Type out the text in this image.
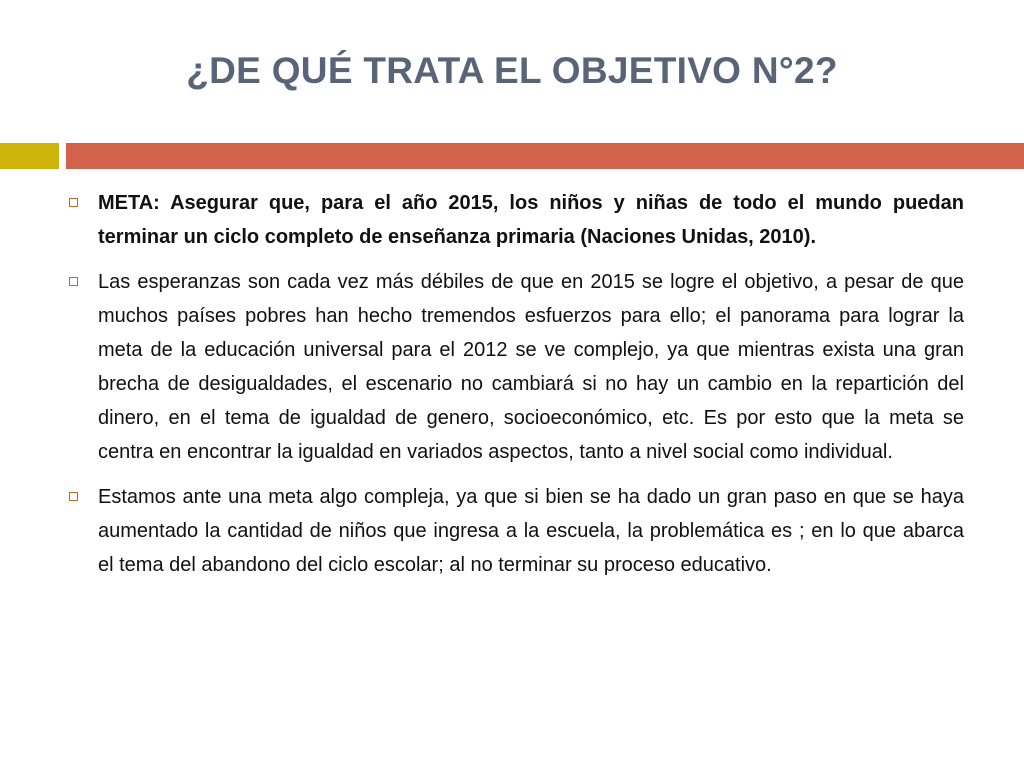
¿DE QUÉ TRATA EL OBJETIVO N°2?
META: Asegurar que, para el año 2015, los niños y niñas de todo el mundo puedan terminar un ciclo completo de enseñanza primaria (Naciones Unidas, 2010).
Las esperanzas son cada vez más débiles de que en 2015 se logre el objetivo, a pesar de que muchos países pobres han hecho tremendos esfuerzos para ello; el panorama para lograr la meta de la educación universal para el 2012 se ve complejo, ya que mientras exista una gran brecha de desigualdades, el escenario no cambiará si no hay un cambio en la repartición del dinero, en el tema de igualdad de genero, socioeconómico, etc. Es por esto que la meta se centra en encontrar la igualdad en variados aspectos, tanto a nivel social como individual.
Estamos ante una meta algo compleja, ya que si bien se ha dado un gran paso en que se haya aumentado la cantidad de niños que ingresa a la escuela, la problemática es ; en lo que abarca el tema del abandono del ciclo escolar; al no terminar su proceso educativo.
